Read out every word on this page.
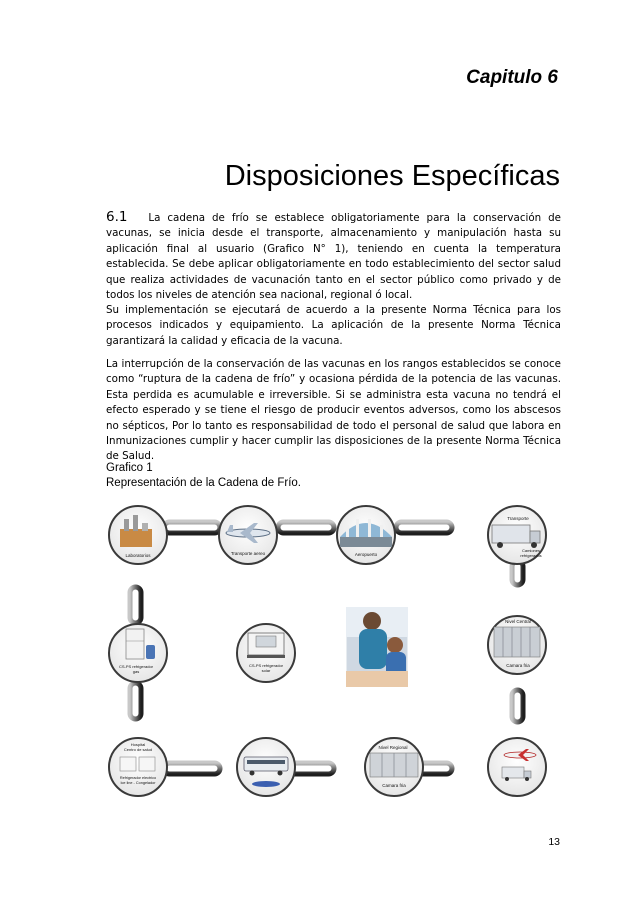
Capitulo 6
Disposiciones Específicas
6.1 La cadena de frío se establece obligatoriamente para la conservación de vacunas, se inicia desde el transporte, almacenamiento y manipulación hasta su aplicación final al usuario (Grafico N° 1), teniendo en cuenta la temperatura establecida. Se debe aplicar obligatoriamente en todo establecimiento del sector salud que realiza actividades de vacunación tanto en el sector público como privado y de todos los niveles de atención sea nacional, regional ó local.
Su implementación se ejecutará de acuerdo a la presente Norma Técnica para los procesos indicados y equipamiento. La aplicación de la presente Norma Técnica garantizará la calidad y eficacia de la vacuna.
La interrupción de la conservación de las vacunas en los rangos establecidos se conoce como “ruptura de la cadena de frío” y ocasiona pérdida de la potencia de las vacunas. Esta perdida es acumulable e irreversible. Si se administra esta vacuna no tendrá el efecto esperado y se tiene el riesgo de producir eventos adversos, como los abscesos no sépticos, Por lo tanto es responsabilidad de todo el personal de salud que labora en Inmunizaciones cumplir y hacer cumplir las disposiciones de la presente Norma Técnica de Salud.
Grafico 1
Representación de la Cadena de Frío.
Laboratorios	Transporte aereo	Aeropuerto
Transporte
Camiones
refrigerados
CS-PS refrigerador
gas
CS-PS refrigerador
solar
Nivel Central
Camara fria
Hospital
Centro de salud
Refrigerador electrico
Ice line - Congelador
Nivel Regional
Camara fria
13
